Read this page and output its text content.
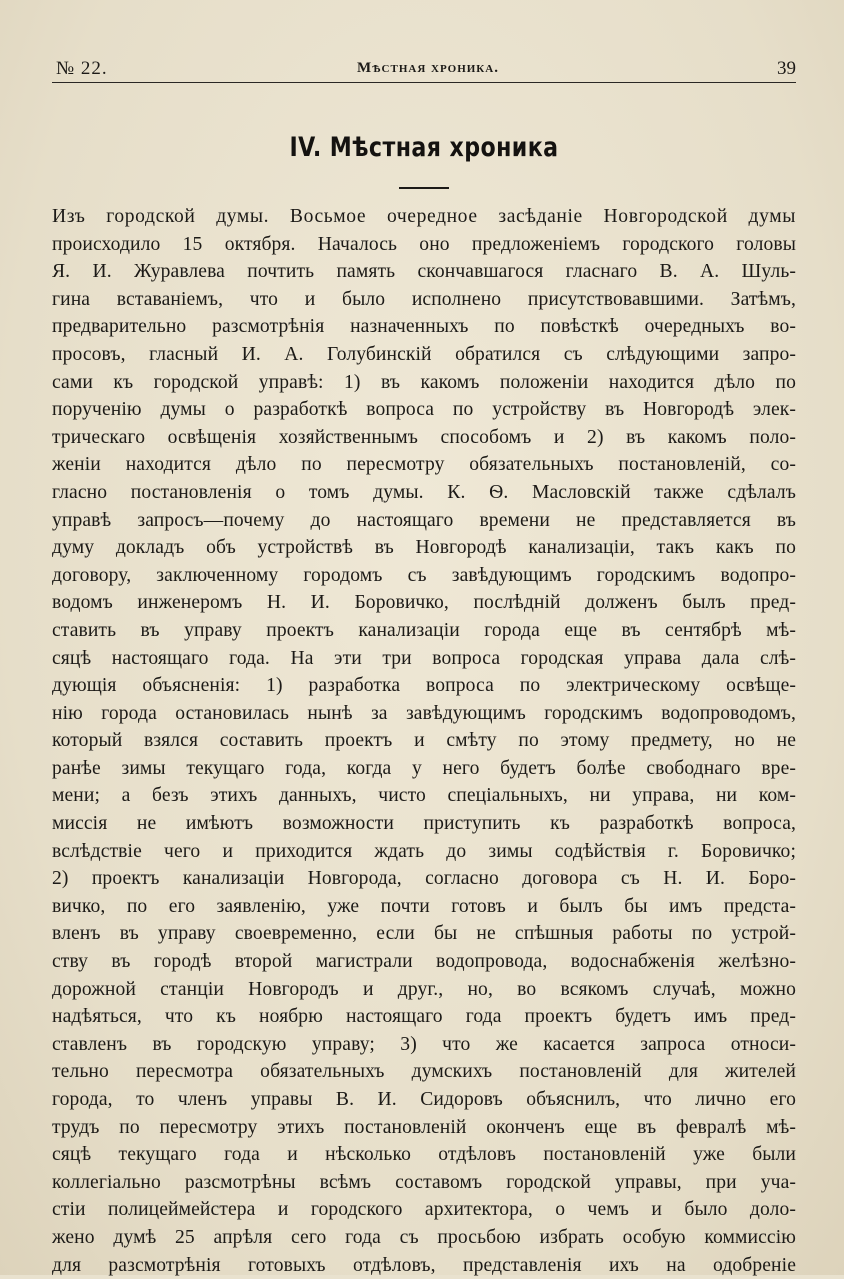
№ 22.	Мѣстная хроника.	39
IV. Мѣстная хроника
Изъ городской думы. Восьмое очередное засѣданіе Новгородской думы
происходило 15 октября. Началось оно предложеніемъ городского головы
Я. И. Журавлева почтить память скончавшагося гласнаго В. А. Шуль-
гина вставаніемъ, что и было исполнено присутствовавшими. Затѣмъ,
предварительно разсмотрѣнія назначенныхъ по повѣсткѣ очередныхъ во-
просовъ, гласный И. А. Голубинскій обратился съ слѣдующими запро-
сами къ городской управѣ: 1) въ какомъ положеніи находится дѣло по
порученію думы о разработкѣ вопроса по устройству въ Новгородѣ элек-
трическаго освѣщенія хозяйственнымъ способомъ и 2) въ какомъ поло-
женіи находится дѣло по пересмотру обязательныхъ постановленій, со-
гласно постановленія о томъ думы. К. Ѳ. Масловскій также сдѣлалъ
управѣ запросъ—почему до настоящаго времени не представляется въ
думу докладъ объ устройствѣ въ Новгородѣ канализаціи, такъ какъ по
договору, заключенному городомъ съ завѣдующимъ городскимъ водопро-
водомъ инженеромъ Н. И. Боровичко, послѣдній долженъ былъ пред-
ставить въ управу проектъ канализаціи города еще въ сентябрѣ мѣ-
сяцѣ настоящаго года. На эти три вопроса городская управа дала слѣ-
дующія объясненія: 1) разработка вопроса по электрическому освѣще-
нію города остановилась нынѣ за завѣдующимъ городскимъ водопроводомъ,
который взялся составить проектъ и смѣту по этому предмету, но не
ранѣе зимы текущаго года, когда у него будетъ болѣе свободнаго вре-
мени; а безъ этихъ данныхъ, чисто спеціальныхъ, ни управа, ни ком-
миссія не имѣютъ возможности приступить къ разработкѣ вопроса,
вслѣдствіе чего и приходится ждать до зимы содѣйствія г. Боровичко;
2) проектъ канализаціи Новгорода, согласно договора съ Н. И. Боро-
вичко, по его заявленію, уже почти готовъ и былъ бы имъ предста-
вленъ въ управу своевременно, если бы не спѣшныя работы по устрой-
ству въ городѣ второй магистрали водопровода, водоснабженія желѣзно-
дорожной станціи Новгородъ и друг., но, во всякомъ случаѣ, можно
надѣяться, что къ ноябрю настоящаго года проектъ будетъ имъ пред-
ставленъ въ городскую управу; 3) что же касается запроса относи-
тельно пересмотра обязательныхъ думскихъ постановленій для жителей
города, то членъ управы В. И. Сидоровъ объяснилъ, что лично его
трудъ по пересмотру этихъ постановленій оконченъ еще въ февралѣ мѣ-
сяцѣ текущаго года и нѣсколько отдѣловъ постановленій уже были
коллегіально разсмотрѣны всѣмъ составомъ городской управы, при уча-
стіи полицеймейстера и городского архитектора, о чемъ и было доло-
жено думѣ 25 апрѣля сего года съ просьбою избрать особую коммиссію
для разсмотрѣнія готовыхъ отдѣловъ, представленія ихъ на одобреніе
